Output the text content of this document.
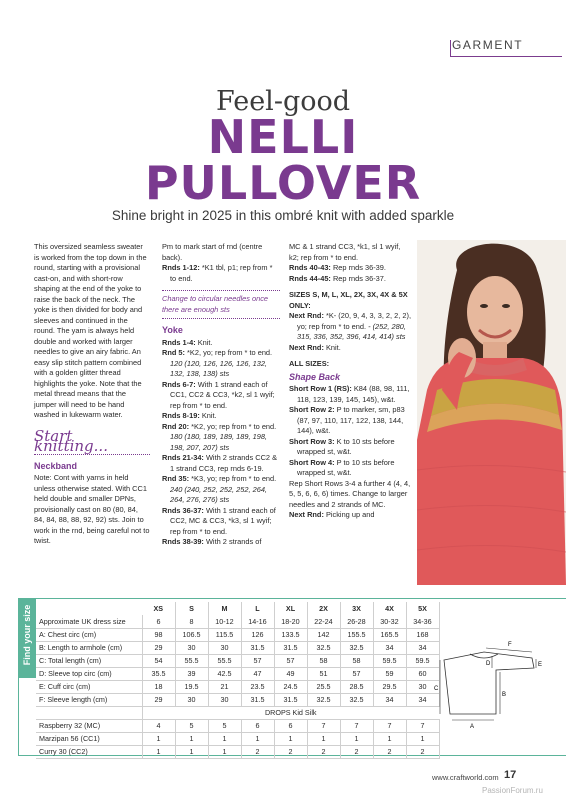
GARMENT
Feel-good
NELLI
PULLOVER
Shine bright in 2025 in this ombré knit with added sparkle

This oversized seamless sweater is worked from the top down in the round, starting with a provisional cast-on, and with short-row shaping at the end of the yoke to raise the back of the neck. The yoke is then divided for body and sleeves and continued in the round. The yarn is always held double and worked with larger needles to give an airy fabric. An easy slip stitch pattern combined with a golden glitter thread highlights the yoke. Note that the metal thread means that the jumper will need to be hand washed in lukewarm water.

Start knitting...
Neckband

Note: Cont with yarns in held unless otherwise stated. With CC1 held double and smaller DPNs, provisionally cast on 80 (80, 84, 84, 84, 88, 88, 92, 92) sts. Join to work in the rnd, being careful not to twist.

Pm to mark start of rnd (centre back).

Rnds 1-12: *K1 tbl, p1; rep from * to end.

Change to circular needles once there are enough sts
Yoke

Rnds 1-4: Knit.

Rnd 5: *K2, yo; rep from * to end. 120 (120, 126, 126, 126, 132, 132, 138, 138) sts

Rnds 6-7: With 1 strand each of CC1, CC2 & CC3, *k2, sl 1 wyif; rep from * to end.

Rnds 8-19: Knit.

Rnd 20: *K2, yo; rep from * to end. 180 (180, 189, 189, 189, 198, 198, 207, 207) sts

Rnds 21-34: With 2 strands CC2 & 1 strand CC3, rep rnds 6-19.

Rnd 35: *K3, yo; rep from * to end. 240 (240, 252, 252, 252, 264, 264, 276, 276) sts

Rnds 36-37: With 1 strand each of CC2, MC & CC3, *k3, sl 1 wyif; rep from * to end.

Rnds 38-39: With 2 strands of

MC & 1 strand CC3, *k1, sl 1 wyif, k2; rep from * to end.

Rnds 40-43: Rep rnds 36-39.

Rnds 44-45: Rep rnds 36-37.

SIZES S, M, L, XL, 2X, 3X, 4X & 5X ONLY:

Next Rnd: *K- (20, 9, 4, 3, 3, 2, 2, 2), yo; rep from * to end. - (252, 280, 315, 336, 352, 396, 414, 414) sts

Next Rnd: Knit.

ALL SIZES:

Shape Back

Short Row 1 (RS): K84 (88, 98, 111, 118, 123, 139, 145, 145), w&t.

Short Row 2: P to marker, sm, p83 (87, 97, 110, 117, 122, 138, 144, 144), w&t.

Short Row 3: K to 10 sts before wrapped st, w&t.

Short Row 4: P to 10 sts before wrapped st, w&t.

Rep Short Rows 3-4 a further 4 (4, 4, 5, 5, 6, 6, 6) times. Change to larger needles and 2 strands of MC.

Next Rnd: Picking up and

Find your size
		XS	S	M	L	XL	2X	3X	4X	5X
Approximate UK dress size	6	8	10-12	14-16	18-20	22-24	26-28	30-32	34-36
A: Chest circ (cm)	98	106.5	115.5	126	133.5	142	155.5	165.5	168
B: Length to armhole (cm)	29	30	30	31.5	31.5	32.5	32.5	34	34
C: Total length (cm)	54	55.5	55.5	57	57	58	58	59.5	59.5
D: Sleeve top circ (cm)	35.5	39	42.5	47	49	51	57	59	60
E: Cuff circ (cm)	18	19.5	21	23.5	24.5	25.5	28.5	29.5	30
F: Sleeve length (cm)	29	30	30	31.5	31.5	32.5	32.5	34	34
	DROPS Kid Silk								
Raspberry 32 (MC)	4	5	5	6	6	7	7	7	7
Marzipan 56 (CC1)	1	1	1	1	1	1	1	1	1
Curry 30 (CC2)	1	1	1	2	2	2	2	2	2
C
B
A
F
D	E
www.craftworld.com 17
PassionForum.ru
